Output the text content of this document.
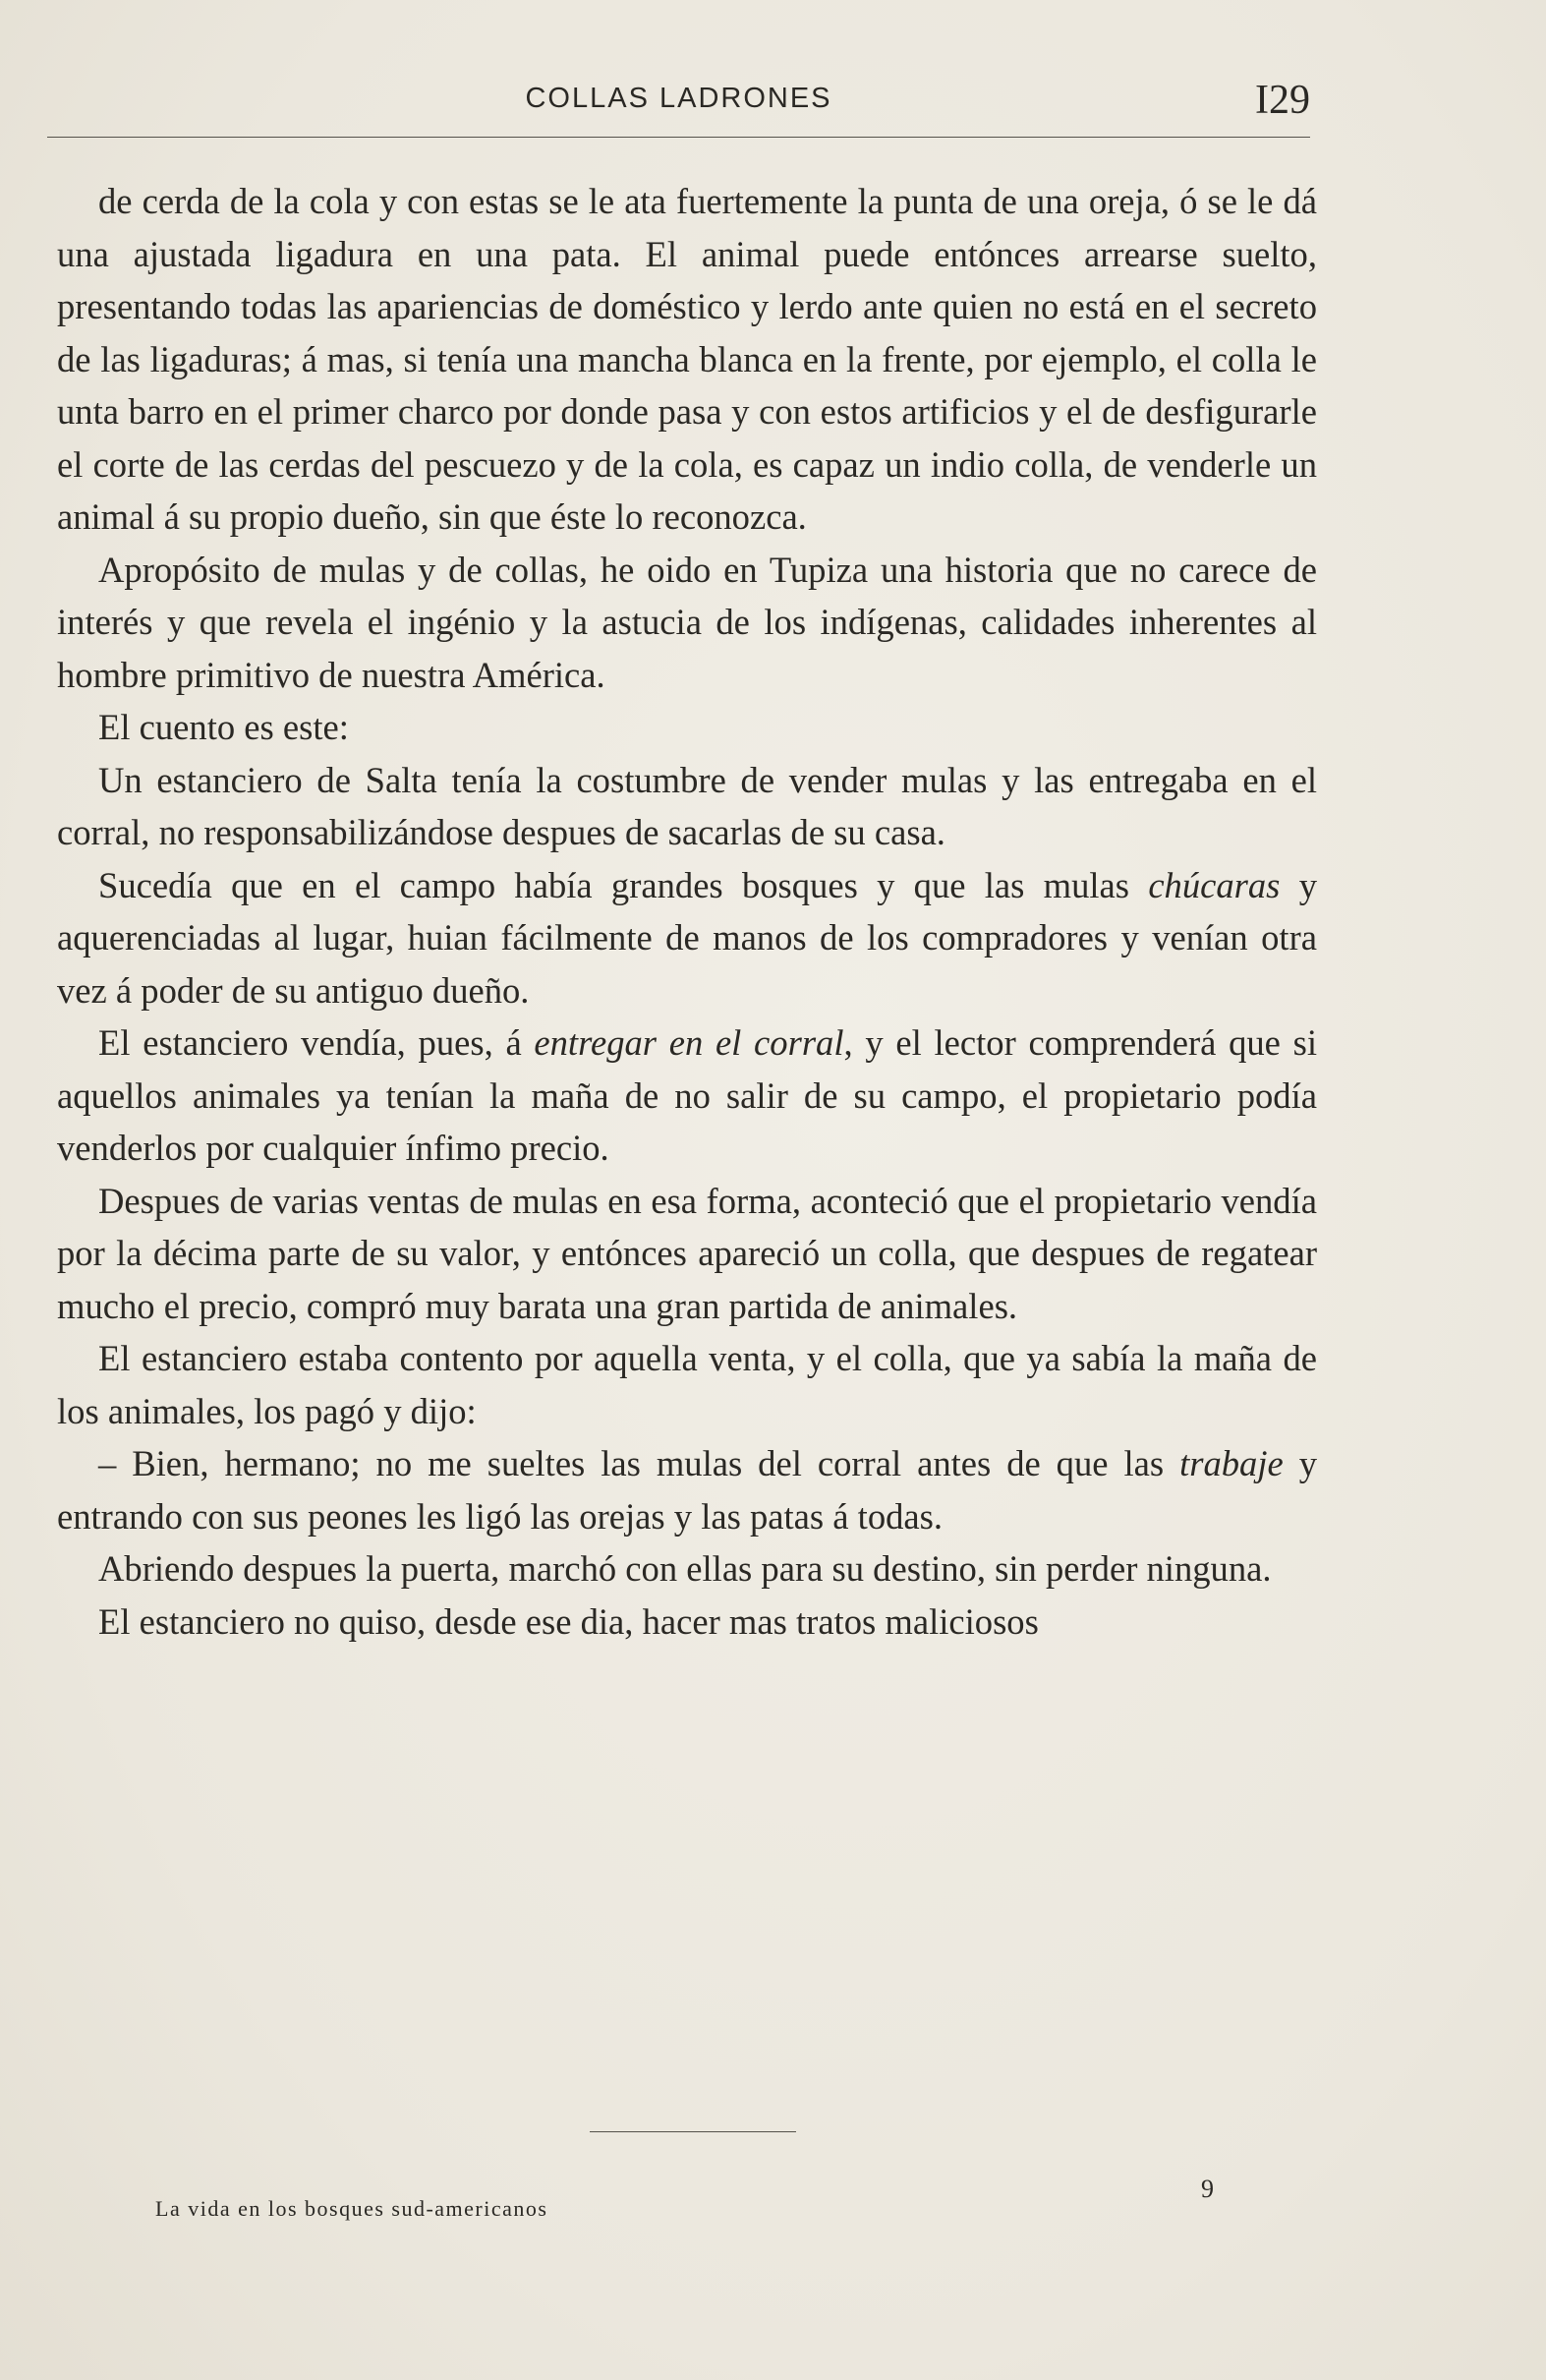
COLLAS LADRONES	I29

de cerda de la cola y con estas se le ata fuertemente la punta de una oreja, ó se le dá una ajustada ligadura en una pata. El animal puede entónces arrearse suelto, presentando todas las apariencias de doméstico y lerdo ante quien no está en el secreto de las ligaduras; á mas, si tenía una mancha blanca en la frente, por ejemplo, el colla le unta barro en el primer charco por donde pasa y con estos artificios y el de desfigurarle el corte de las cerdas del pescuezo y de la cola, es capaz un indio colla, de venderle un animal á su propio dueño, sin que éste lo reconozca.

Apropósito de mulas y de collas, he oido en Tupiza una historia que no carece de interés y que revela el ingénio y la astucia de los indígenas, calidades inherentes al hombre primitivo de nuestra América.

El cuento es este:

Un estanciero de Salta tenía la costumbre de vender mulas y las entregaba en el corral, no responsabilizándose despues de sacarlas de su casa.

Sucedía que en el campo había grandes bosques y que las mulas chúcaras y aquerenciadas al lugar, huian fácilmente de manos de los compradores y venían otra vez á poder de su antiguo dueño.

El estanciero vendía, pues, á entregar en el corral, y el lector comprenderá que si aquellos animales ya tenían la maña de no salir de su campo, el propietario podía venderlos por cualquier ínfimo precio.

Despues de varias ventas de mulas en esa forma, aconteció que el propietario vendía por la décima parte de su valor, y entónces apareció un colla, que despues de regatear mucho el precio, compró muy barata una gran partida de animales.

El estanciero estaba contento por aquella venta, y el colla, que ya sabía la maña de los animales, los pagó y dijo:

– Bien, hermano; no me sueltes las mulas del corral antes de que las trabaje y entrando con sus peones les ligó las orejas y las patas á todas.

Abriendo despues la puerta, marchó con ellas para su destino, sin perder ninguna.

El estanciero no quiso, desde ese dia, hacer mas tratos maliciosos

La vida en los bosques sud-americanos
9
